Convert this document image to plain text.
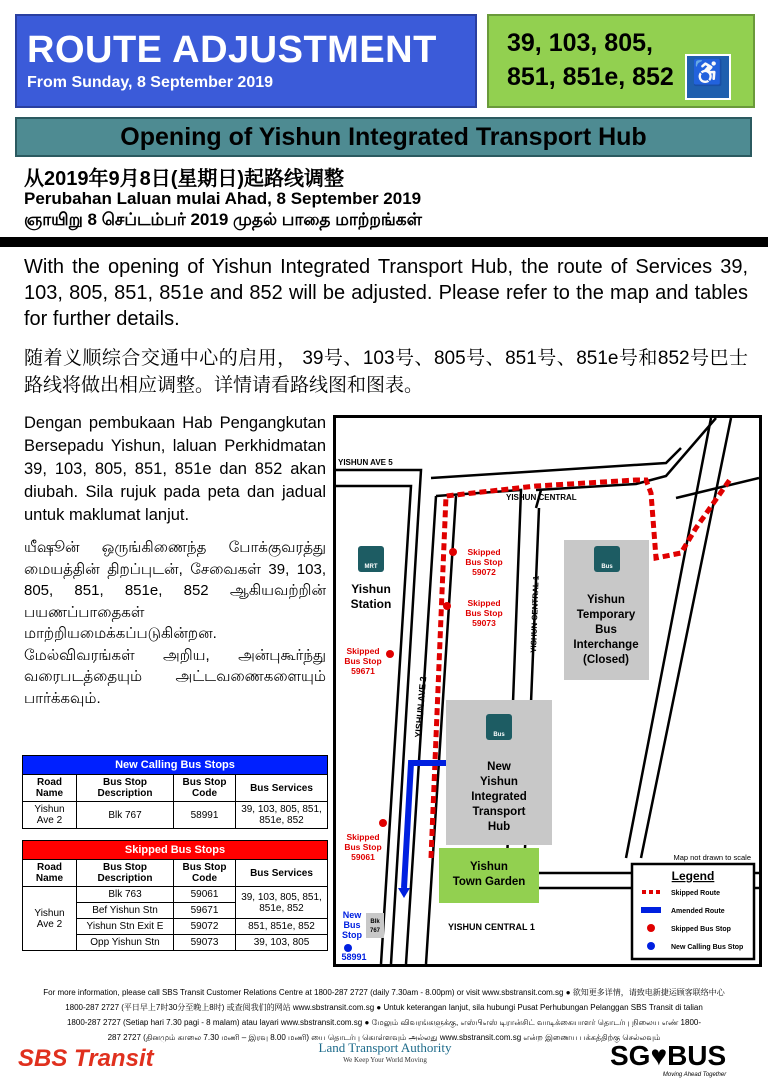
ROUTE ADJUSTMENT
From Sunday, 8 September 2019
39, 103, 805,
851, 851e, 852 ♿
Opening of Yishun Integrated Transport Hub
从2019年9月8日(星期日)起路线调整
Perubahan Laluan mulai Ahad, 8 September 2019
ஞாயிறு 8 செப்டம்பர் 2019 முதல் பாதை மாற்றங்கள்
With the opening of Yishun Integrated Transport Hub, the route of Services 39, 103, 805, 851, 851e and 852 will be adjusted. Please refer to the map and tables for further details.
随着义顺综合交通中心的启用， 39号、103号、805号、851号、851e号和852号巴士路线将做出相应调整。详情请看路线图和图表。

Dengan pembukaan Hab Pengangkutan Bersepadu Yishun, laluan Perkhidmatan 39, 103, 805, 851, 851e dan 852 akan diubah. Sila rujuk pada peta dan jadual untuk maklumat lanjut.

யீஷூன் ஒருங்கிணைந்த போக்குவரத்து மையத்தின் திறப்புடன், சேவைகள் 39, 103, 805, 851, 851e, 852 ஆகியவற்றின் பயணப்பாதைகள் மாற்றியமைக்கப்படுகின்றன. மேல்விவரங்கள் அறிய, அன்புகூர்ந்து வரைபடத்தையும் அட்டவணைகளையும் பார்க்கவும்.

New Calling Bus Stops			
Road Name	Bus Stop Description	Bus Stop Code	Bus Services
Yishun Ave 2	Blk 767	58991	39, 103, 805, 851, 851e, 852
Skipped Bus Stops			
Road Name	Bus Stop Description	Bus Stop Code	Bus Services
Yishun Ave 2	Blk 763	59061	39, 103, 805, 851, 851e, 852
	Bef Yishun Stn	59671	
	Yishun Stn Exit E	59072	851, 851e, 852
	Opp Yishun Stn	59073	39, 103, 805
YISHUN AVE 5
YISHUN CENTRAL
YISHUN CENTRAL 1
YISHUN AVE 2
YISHUN CENTRAL 1
MRT
Yishun
Station
Bus
Yishun
Temporary
Bus
Interchange
(Closed)
Bus
New
Yishun
Integrated
Transport
Hub
Yishun
Town Garden
Skipped
Bus Stop
59072
Skipped
Bus Stop
59073
Skipped
Bus Stop
59671
Skipped
Bus Stop
59061
New
Bus
Stop
58991
Blk
767
Map not drawn to scale
Legend
Skipped Route
Amended Route
Skipped Bus Stop
New Calling Bus Stop
For more information, please call SBS Transit Customer Relations Centre at 1800-287 2727 (daily 7.30am - 8.00pm) or visit www.sbstransit.com.sg ● 欲知更多详情，请致电新捷运顾客联络中心
1800-287 2727 (平日早上7时30分至晚上8时) 或查阅我们的网站 www.sbstransit.com.sg ● Untuk keterangan lanjut, sila hubungi Pusat Perhubungan Pelanggan SBS Transit di talian
1800-287 2727 (Setiap hari 7.30 pagi - 8 malam) atau layari www.sbstransit.com.sg ● மேலும் விவரங்களுக்கு, எஸ்பிஎஸ் டிரான்சிட் வாடிக்கையாளர் தொடர்பு நிலைய எண் 1800-
287 2727 (தினமும் காலை 7.30 மணி – இரவு 8.00 மணி) யை தொடர்பு கொள்ளவும் அல்லது www.sbstransit.com.sg என்ற இணைய பக்கத்திற்கு செல்லவும்
SBS Transit	Land Transport Authority
We Keep Your World Moving	SG♥BUS
Moving Ahead Together
